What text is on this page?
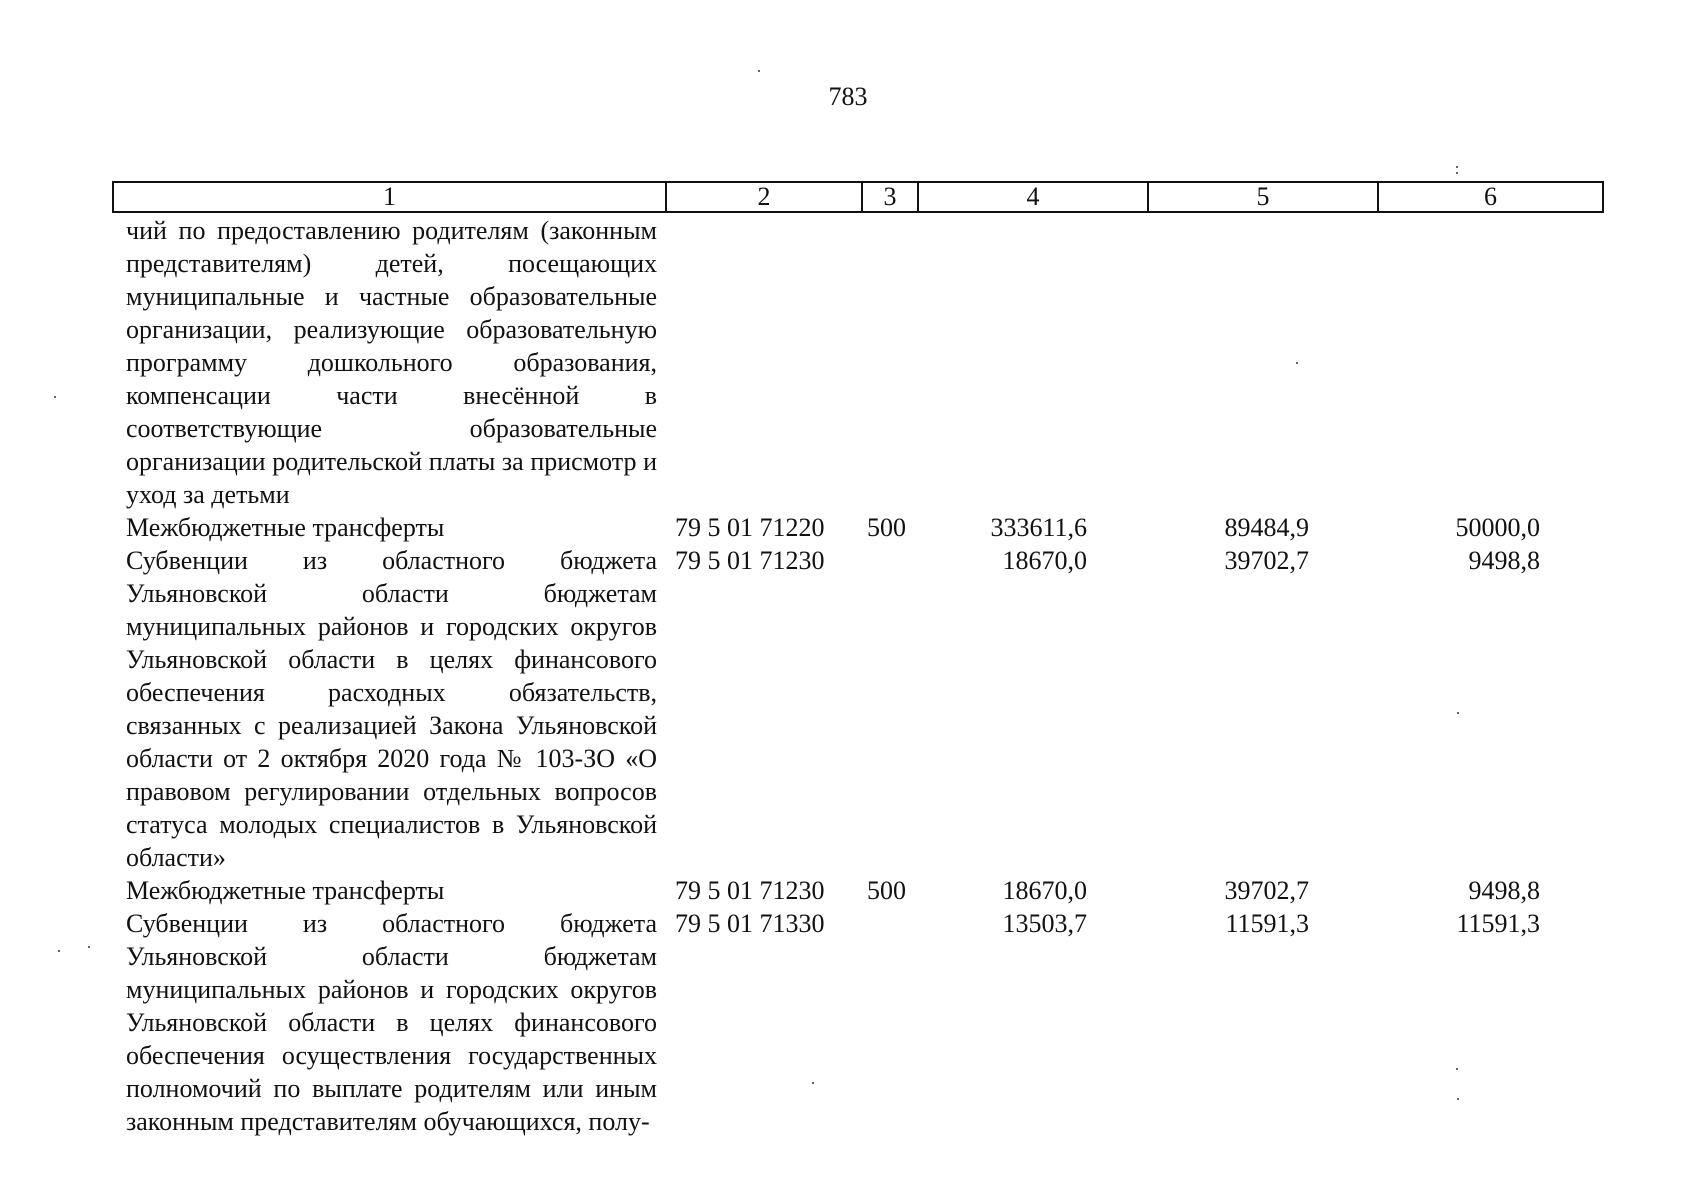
783
1	2	3	4	5	6
чий по предоставлению родителям (законным представителям) детей, посещающих муниципальные и частные образовательные организации, реализующие образовательную программу дошкольного образования, компенсации части внесённой в соответствующие образовательные организации родительской платы за присмотр и уход за детьми					
Межбюджетные трансферты	79 5 01 71220	500	333611,6	89484,9	50000,0
Субвенции из областного бюджета Ульяновской области бюджетам муниципальных районов и городских округов Ульяновской области в целях финансового обеспечения расходных обязательств, связанных с реализацией Закона Ульяновской области от 2 октября 2020 года № 103-ЗО «О правовом регулировании отдельных вопросов статуса молодых специалистов в Ульяновской области»	79 5 01 71230		18670,0	39702,7	9498,8
Межбюджетные трансферты	79 5 01 71230	500	18670,0	39702,7	9498,8
Субвенции из областного бюджета Ульяновской области бюджетам муниципальных районов и городских округов Ульяновской области в целях финансового обеспечения осуществления государственных полномочий по выплате родителям или иным законным представителям обучающихся, полу-	79 5 01 71330		13503,7	11591,3	11591,3
